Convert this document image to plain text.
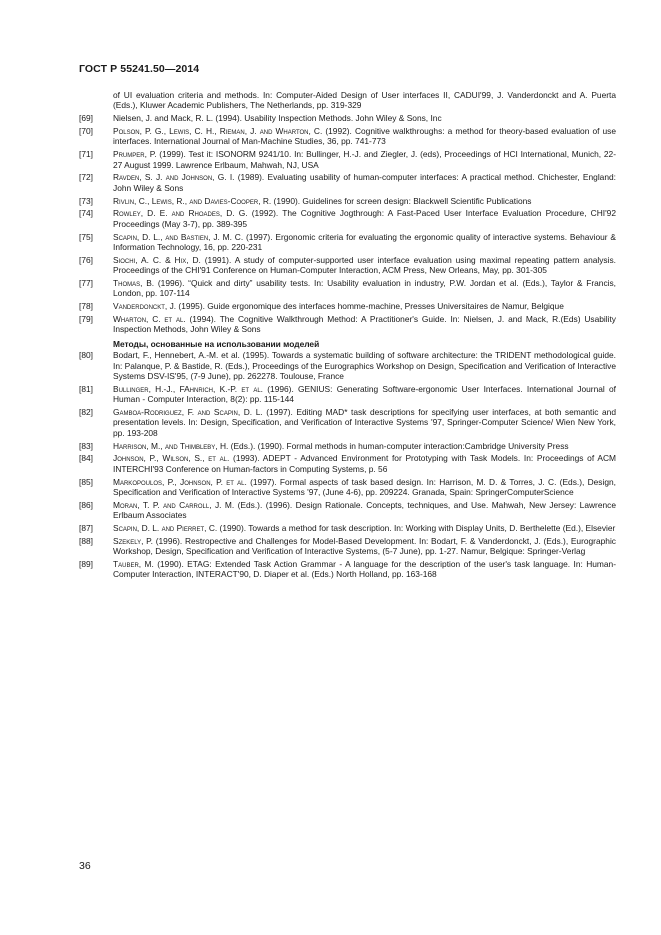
ГОСТ Р 55241.50—2014
of UI evaluation criteria and methods. In: Computer-Aided Design of User interfaces II, CADUI'99, J. Vanderdonckt and A. Puerta (Eds.), Kluwer Academic Publishers, The Netherlands, pp. 319-329
[69]	Nielsen, J. and Mack, R. L. (1994). Usability Inspection Methods. John Wiley & Sons, Inc
[70]	Polson, P. G., Lewis, C. H., Rieman, J. and Wharton, C. (1992). Cognitive walkthroughs: a method for theory-based evaluation of use interfaces. International Journal of Man-Machine Studies, 36, pp. 741-773
[71]	Prumper, P. (1999). Test it: ISONORM 9241/10. In: Bullinger, H.-J. and Ziegler, J. (eds), Proceedings of HCI International, Munich, 22-27 August 1999. Lawrence Erlbaum, Mahwah, NJ, USA
[72]	Ravden, S. J. and Johnson, G. I. (1989). Evaluating usability of human-computer interfaces: A practical method. Chichester, England: John Wiley & Sons
[73]	Rivlin, C., Lewis, R., and Davies-Cooper, R. (1990). Guidelines for screen design: Blackwell Scientific Publications
[74]	Rowley, D. E. and Rhoades, D. G. (1992). The Cognitive Jogthrough: A Fast-Paced User Interface Evaluation Procedure, CHI'92 Proceedings (May 3-7), pp. 389-395
[75]	Scapin, D. L., and Bastien, J. M. C. (1997). Ergonomic criteria for evaluating the ergonomic quality of interactive systems. Behaviour & Information Technology, 16, pp. 220-231
[76]	Siochi, A. C. & Hix, D. (1991). A study of computer-supported user interface evaluation using maximal repeating pattern analysis. Proceedings of the CHI'91 Conference on Human-Computer Interaction, ACM Press, New Orleans, May, pp. 301-305
[77]	Thomas, B. (1996). “Quick and dirty” usability tests. In: Usability evaluation in industry, P.W. Jordan et al. (Eds.), Taylor & Francis, London, pp. 107-114
[78]	Vanderdonckt, J. (1995). Guide ergonomique des interfaces homme-machine, Presses Universitaires de Namur, Belgique
[79]	Wharton, C. et al. (1994). The Cognitive Walkthrough Method: A Practitioner's Guide. In: Nielsen, J. and Mack, R.(Eds) Usability Inspection Methods, John Wiley & Sons
Методы, основанные на использовании моделей
[80]	Bodart, F., Hennebert, A.-M. et al. (1995). Towards a systematic building of software architecture: the TRIDENT methodological guide. In: Palanque, P. & Bastide, R. (Eds.), Proceedings of the Eurographics Workshop on Design, Specification and Verification of Interactive Systems DSV-IS'95, (7-9 June), pp. 262278. Toulouse, France
[81]	Bullinger, H.-J., FAhnrich, K.-P. et al. (1996). GENIUS: Generating Software-ergonomic User Interfaces. International Journal of Human - Computer Interaction, 8(2): pp. 115-144
[82]	Gamboa-Rodriguez, F. and Scapin, D. L. (1997). Editing MAD* task descriptions for specifying user interfaces, at both semantic and presentation levels. In: Design, Specification, and Verification of Interactive Systems '97, Springer-Computer Science/ Wien New York, pp. 193-208
[83]	Harrison, M., and Thimbleby, H. (Eds.). (1990). Formal methods in human-computer interaction:Cambridge University Press
[84]	Johnson, P., Wilson, S., et al. (1993). ADEPT - Advanced Environment for Prototyping with Task Models. In: Proceedings of ACM INTERCHI'93 Conference on Human-factors in Computing Systems, p. 56
[85]	Markopoulos, P., Johnson, P. et al. (1997). Formal aspects of task based design. In: Harrison, M. D. & Torres, J. C. (Eds.), Design, Specification and Verification of Interactive Systems '97, (June 4-6), pp. 209224. Granada, Spain: SpringerComputerScience
[86]	Moran, T. P. and Carroll, J. M. (Eds.). (1996). Design Rationale. Concepts, techniques, and Use. Mahwah, New Jersey: Lawrence Erlbaum Associates
[87]	Scapin, D. L. and Pierret, C. (1990). Towards a method for task description. In: Working with Display Units, D. Berthelette (Ed.), Elsevier
[88]	Szekely, P. (1996). Restropective and Challenges for Model-Based Development. In: Bodart, F. & Vanderdonckt, J. (Eds.), Eurographic Workshop, Design, Specification and Verification of Interactive Systems, (5-7 June), pp. 1-27. Namur, Belgique: Springer-Verlag
[89]	Tauber, M. (1990). ETAG: Extended Task Action Grammar - A language for the description of the user's task language. In: Human-Computer Interaction, INTERACT'90, D. Diaper et al. (Eds.) North Holland, pp. 163-168
36
